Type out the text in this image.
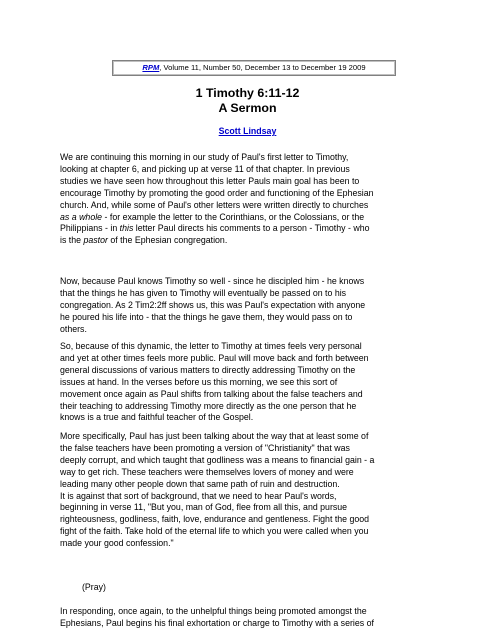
RPM, Volume 11, Number 50, December 13 to December 19 2009
1 Timothy 6:11-12
A Sermon
Scott Lindsay
We are continuing this morning in our study of Paul's first letter to Timothy,
looking at chapter 6, and picking up at verse 11 of that chapter. In previous
studies we have seen how throughout this letter Pauls main goal has been to
encourage Timothy by promoting the good order and functioning of the Ephesian
church. And, while some of Paul's other letters were written directly to churches
as a whole - for example the letter to the Corinthians, or the Colossians, or the
Philippians - in this letter Paul directs his comments to a person - Timothy - who
is the pastor of the Ephesian congregation.
Now, because Paul knows Timothy so well - since he discipled him - he knows
that the things he has given to Timothy will eventually be passed on to his
congregation. As 2 Tim2:2ff shows us, this was Paul's expectation with anyone
he poured his life into - that the things he gave them, they would pass on to
others.
So, because of this dynamic, the letter to Timothy at times feels very personal
and yet at other times feels more public. Paul will move back and forth between
general discussions of various matters to directly addressing Timothy on the
issues at hand. In the verses before us this morning, we see this sort of
movement once again as Paul shifts from talking about the false teachers and
their teaching to addressing Timothy more directly as the one person that he
knows is a true and faithful teacher of the Gospel.
More specifically, Paul has just been talking about the way that at least some of
the false teachers have been promoting a version of "Christianity" that was
deeply corrupt, and which taught that godliness was a means to financial gain - a
way to get rich. These teachers were themselves lovers of money and were
leading many other people down that same path of ruin and destruction.
It is against that sort of background, that we need to hear Paul's words,
beginning in verse 11, "But you, man of God, flee from all this, and pursue
righteousness, godliness, faith, love, endurance and gentleness. Fight the good
fight of the faith. Take hold of the eternal life to which you were called when you
made your good confession."
(Pray)
In responding, once again, to the unhelpful things being promoted amongst the
Ephesians, Paul begins his final exhortation or charge to Timothy with a series of
